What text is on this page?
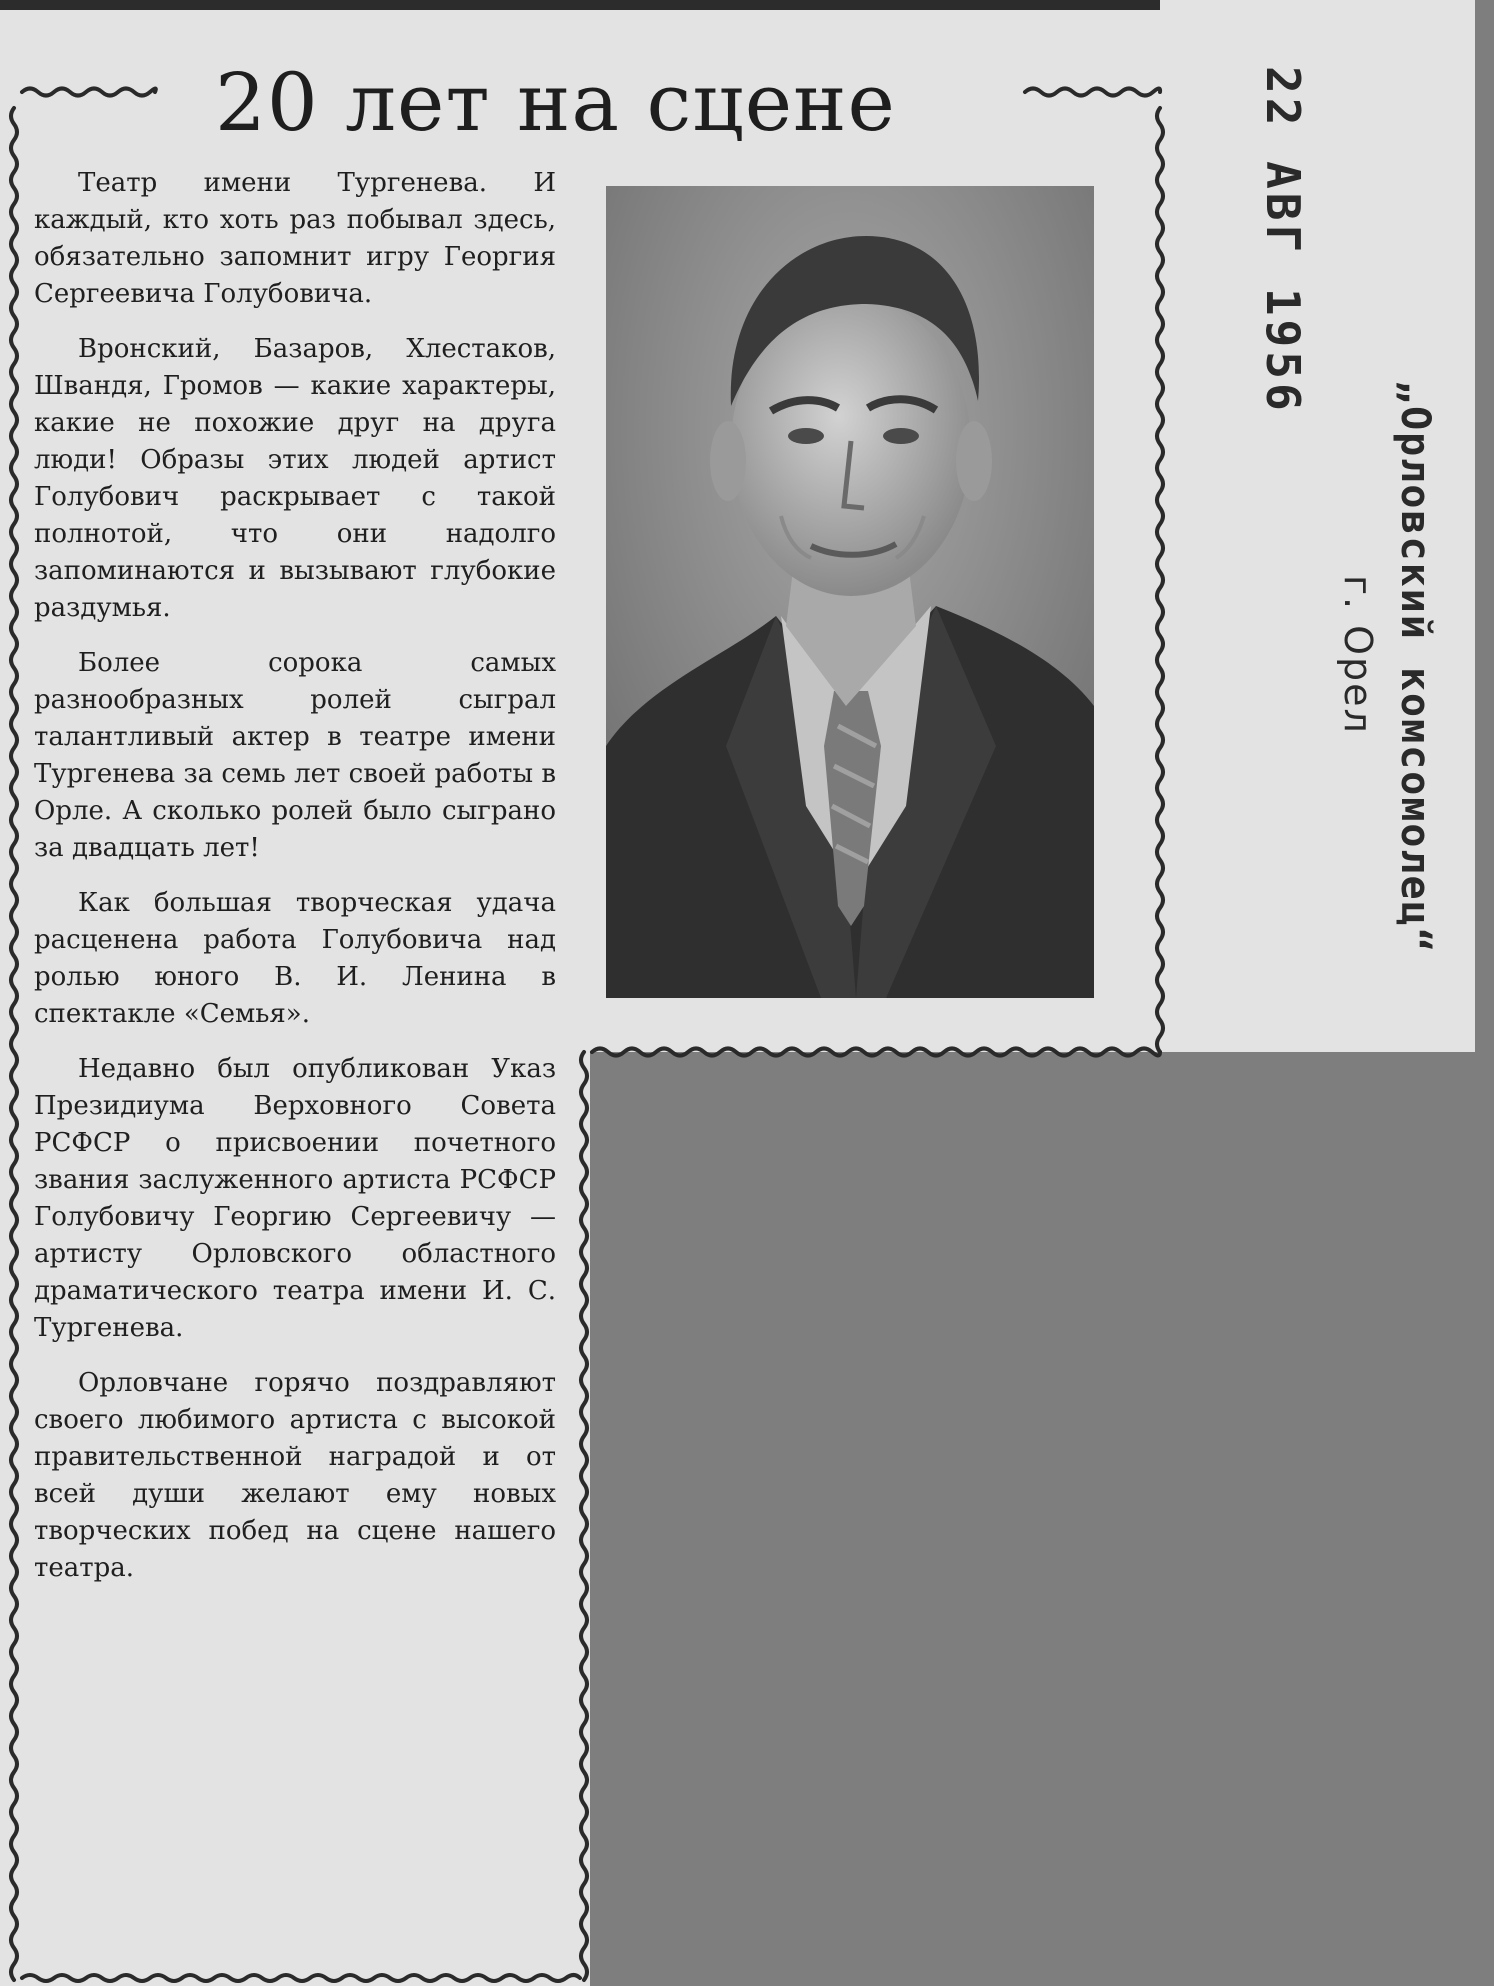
20 лет на сцене

Театр имени Тургенева. И каждый, кто хоть раз побывал здесь, обязательно запомнит игру Георгия Сергеевича Голубовича.

Вронский, Базаров, Хлестаков, Швандя, Громов — какие характеры, какие не похожие друг на друга люди! Образы этих людей артист Голубович раскрывает с такой полнотой, что они надолго запоминаются и вызывают глубокие раздумья.

Более сорока самых разнообразных ролей сыграл талантливый актер в театре имени Тургенева за семь лет своей работы в Орле. А сколько ролей было сыграно за двадцать лет!

Как большая творческая удача расценена работа Голубовича над ролью юного В. И. Ленина в спектакле «Семья».

Недавно был опубликован Указ Президиума Верховного Совета РСФСР о присвоении почетного звания заслуженного артиста РСФСР Голубовичу Георгию Сергеевичу — артисту Орловского областного драматического театра имени И. С. Тургенева.

Орловчане горячо поздравляют своего любимого артиста с высокой правительственной наградой и от всей души желают ему новых творческих побед на сцене нашего театра.

22 АВГ 1956
„Орловский комсомолец“
г. Орел
